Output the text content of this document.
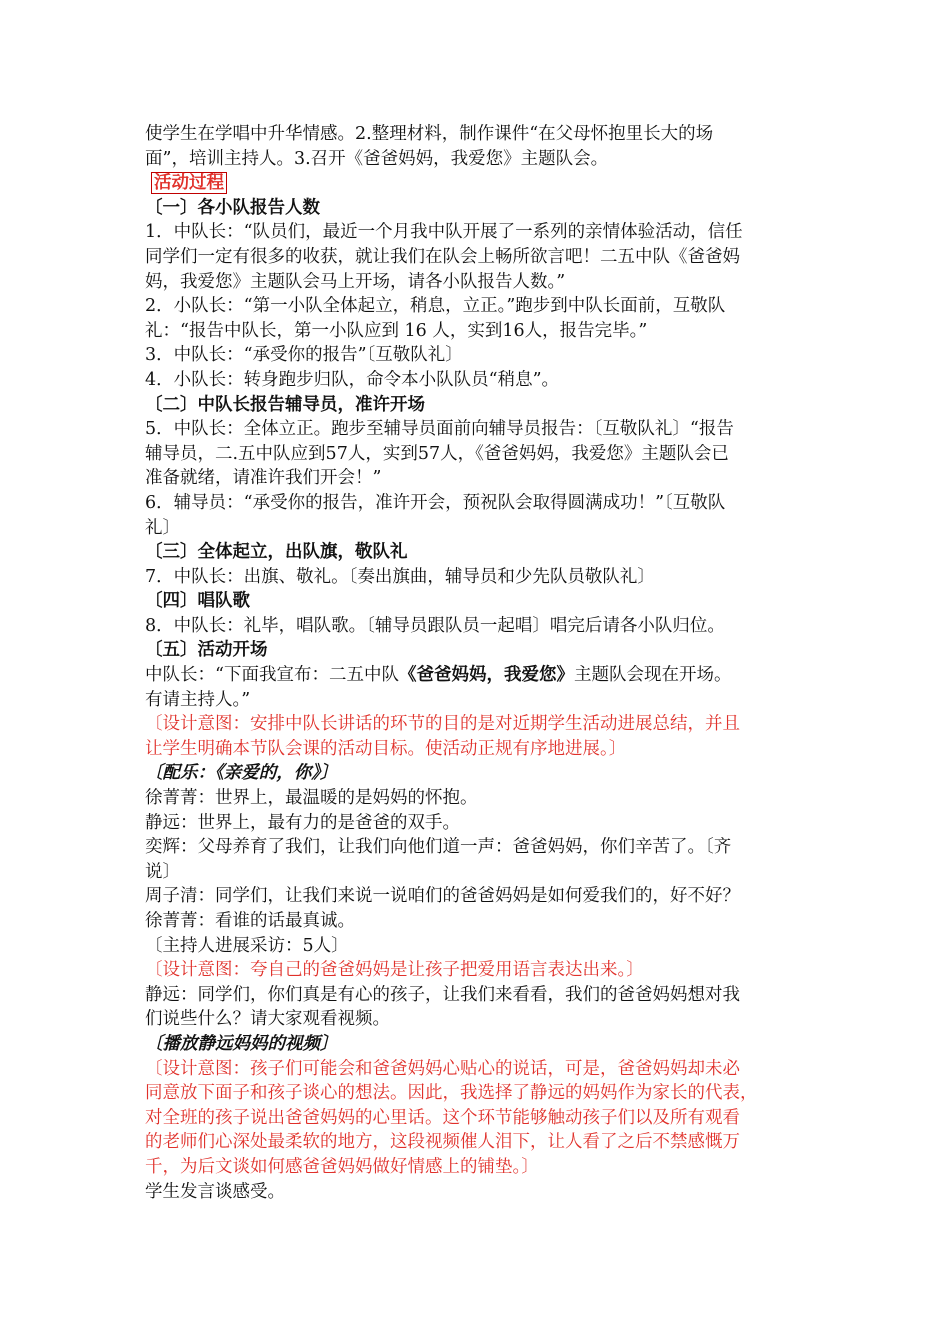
使学生在学唱中升华情感。2.整理材料，制作课件“在父母怀抱里长大的场
面”，培训主持人。3.召开《爸爸妈妈，我爱您》主题队会。
活动过程
〔一〕各小队报告人数
1．中队长：“队员们，最近一个月我中队开展了一系列的亲情体验活动，信任
同学们一定有很多的收获，就让我们在队会上畅所欲言吧！二五中队《爸爸妈
妈，我爱您》主题队会马上开场，请各小队报告人数。”
2．小队长：“第一小队全体起立，稍息，立正。”跑步到中队长面前，互敬队
礼：“报告中队长，第一小队应到 16 人，实到16人，报告完毕。”
3．中队长：“承受你的报告”〔互敬队礼〕
4．小队长：转身跑步归队，命令本小队队员“稍息”。
〔二〕中队长报告辅导员，准许开场
5．中队长：全体立正。跑步至辅导员面前向辅导员报告：〔互敬队礼〕“报告
辅导员，二.五中队应到57人，实到57人，《爸爸妈妈，我爱您》主题队会已
准备就绪，请准许我们开会！”
6．辅导员：“承受你的报告，准许开会，预祝队会取得圆满成功！”〔互敬队
礼〕
〔三〕全体起立，出队旗，敬队礼
7．中队长：出旗、敬礼。〔奏出旗曲，辅导员和少先队员敬队礼〕
〔四〕唱队歌
8．中队长：礼毕，唱队歌。〔辅导员跟队员一起唱〕唱完后请各小队归位。
〔五〕活动开场
中队长：“下面我宣布：二五中队《爸爸妈妈，我爱您》主题队会现在开场。
有请主持人。”
〔设计意图：安排中队长讲话的环节的目的是对近期学生活动进展总结，并且
让学生明确本节队会课的活动目标。使活动正规有序地进展。〕
〔配乐：《亲爱的，你》〕
徐菁菁：世界上，最温暖的是妈妈的怀抱。
静远：世界上，最有力的是爸爸的双手。
奕辉：父母养育了我们，让我们向他们道一声：爸爸妈妈，你们辛苦了。〔齐
说〕
周子清：同学们，让我们来说一说咱们的爸爸妈妈是如何爱我们的，好不好？
徐菁菁：看谁的话最真诚。
〔主持人进展采访：5人〕
〔设计意图：夸自己的爸爸妈妈是让孩子把爱用语言表达出来。〕
静远：同学们，你们真是有心的孩子，让我们来看看，我们的爸爸妈妈想对我
们说些什么？请大家观看视频。
〔播放静远妈妈的视频〕
〔设计意图：孩子们可能会和爸爸妈妈心贴心的说话，可是，爸爸妈妈却未必
同意放下面子和孩子谈心的想法。因此，我选择了静远的妈妈作为家长的代表，
对全班的孩子说出爸爸妈妈的心里话。这个环节能够触动孩子们以及所有观看
的老师们心深处最柔软的地方，这段视频催人泪下，让人看了之后不禁感慨万
千，为后文谈如何感爸爸妈妈做好情感上的铺垫。〕
学生发言谈感受。
